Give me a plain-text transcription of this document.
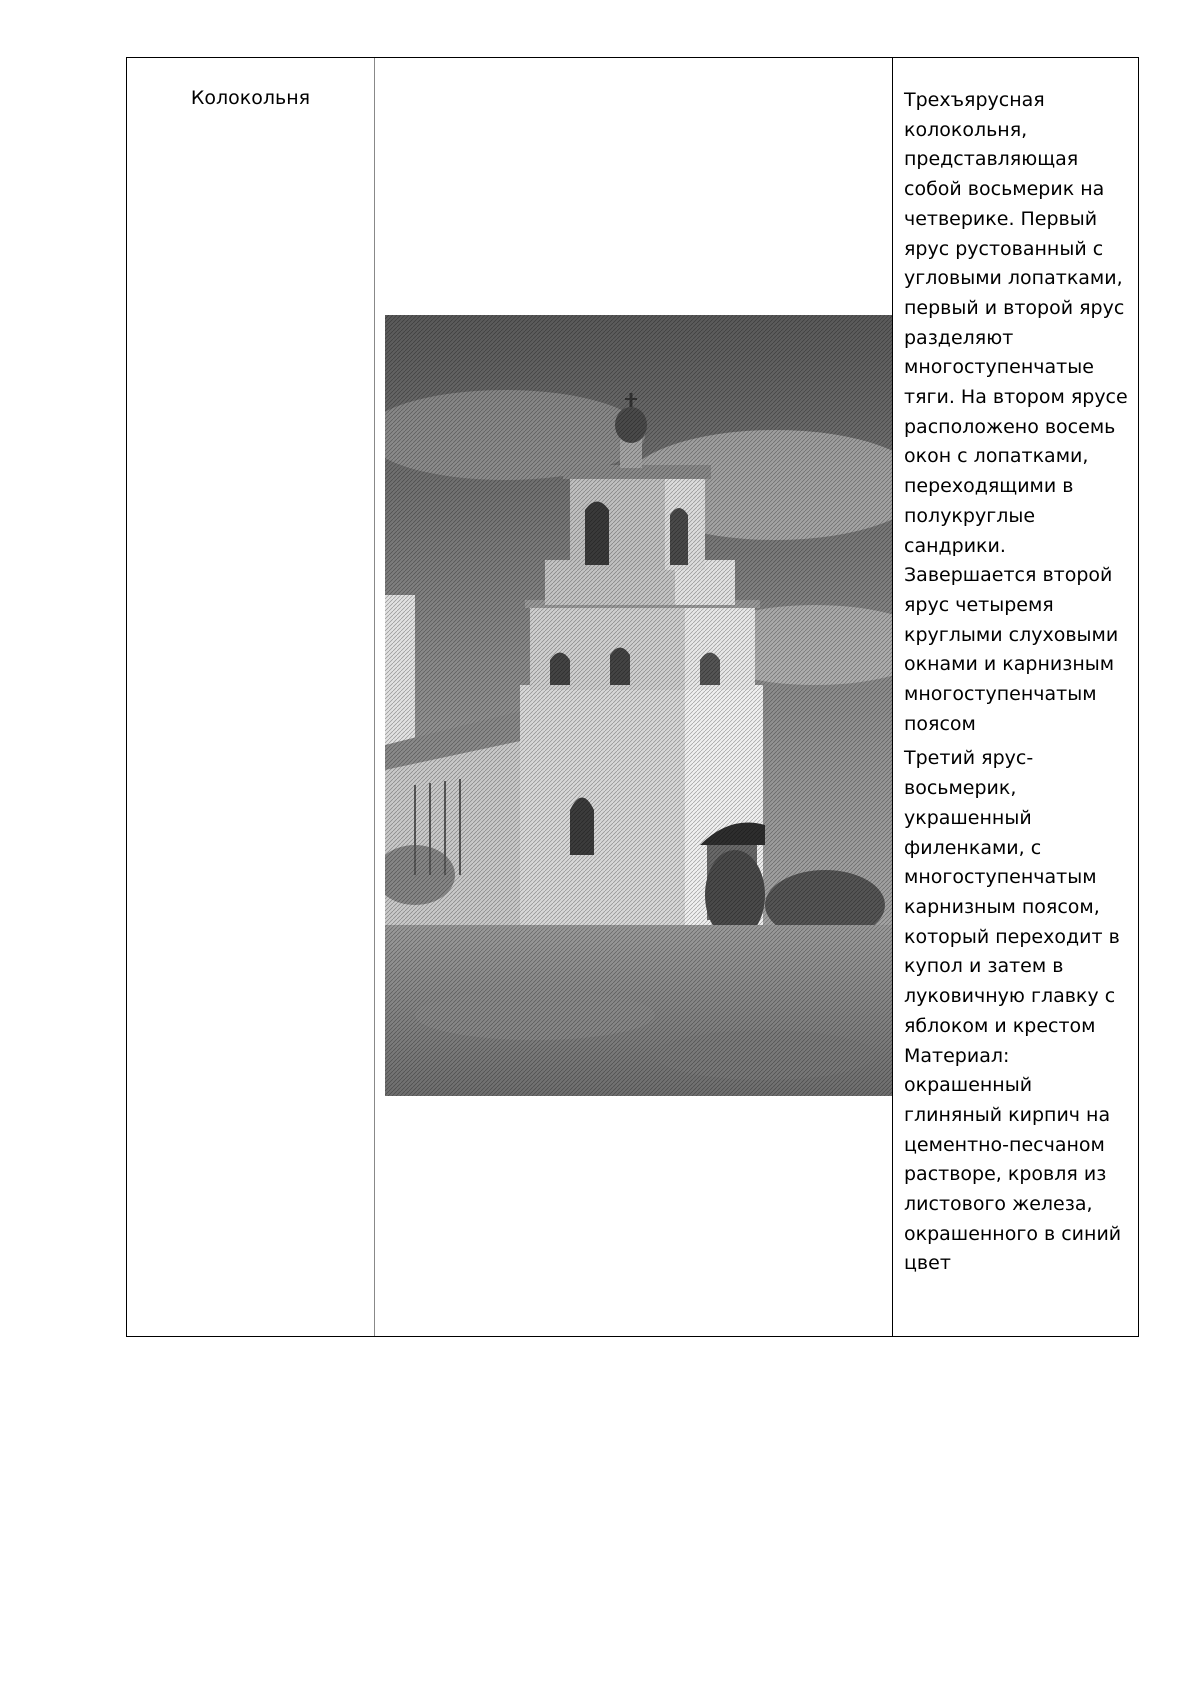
Колокольня	Трехъярусная колокольня, представляющая собой восьмерик на четверике. Первый ярус рустованный с угловыми лопатками, первый и второй ярус разделяют многоступенчатые тяги. На втором ярусе расположено восемь окон с лопатками, переходящими в полукруглые сандрики. Завершается второй ярус четыремя круглыми слуховыми окнами и карнизным многоступенчатым поясом

Третий ярус- восьмерик, украшенный филенками, с многоступенчатым карнизным поясом, который переходит в купол и затем в луковичную главку с яблоком и крестом

Материал: окрашенный глиняный кирпич на цементно-песчаном растворе, кровля из листового железа, окрашенного в синий цвет
